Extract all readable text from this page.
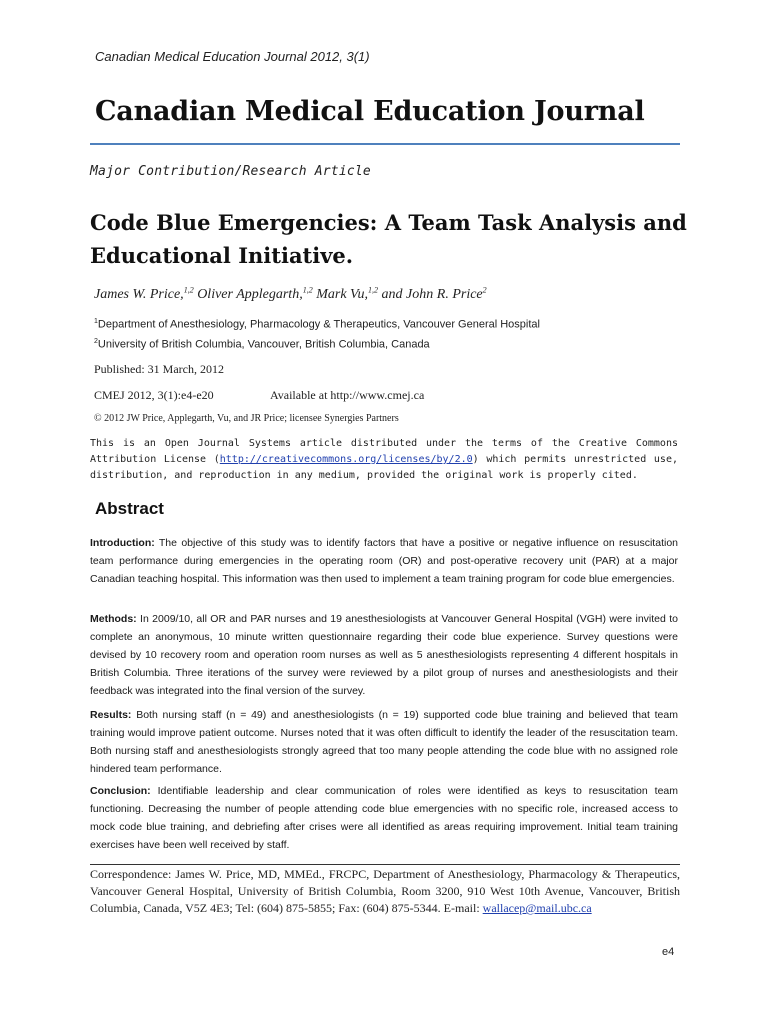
Canadian Medical Education Journal 2012, 3(1)
Canadian Medical Education Journal
Major Contribution/Research Article
Code Blue Emergencies: A Team Task Analysis and Educational Initiative.
James W. Price,$^{1,2}$ Oliver Applegarth,$^{1,2}$ Mark Vu,$^{1,2}$ and John R. Price$^2$
$^1$Department of Anesthesiology, Pharmacology & Therapeutics, Vancouver General Hospital
$^2$University of British Columbia, Vancouver, British Columbia, Canada
Published: 31 March, 2012
CMEJ 2012, 3(1):e4-e20	Available at http://www.cmej.ca
© 2012 JW Price, Applegarth, Vu, and JR Price; licensee Synergies Partners
This is an Open Journal Systems article distributed under the terms of the Creative Commons Attribution License (http://creativecommons.org/licenses/by/2.0) which permits unrestricted use, distribution, and reproduction in any medium, provided the original work is properly cited.
Abstract
Introduction: The objective of this study was to identify factors that have a positive or negative influence on resuscitation team performance during emergencies in the operating room (OR) and post-operative recovery unit (PAR) at a major Canadian teaching hospital. This information was then used to implement a team training program for code blue emergencies.
Methods: In 2009/10, all OR and PAR nurses and 19 anesthesiologists at Vancouver General Hospital (VGH) were invited to complete an anonymous, 10 minute written questionnaire regarding their code blue experience. Survey questions were devised by 10 recovery room and operation room nurses as well as 5 anesthesiologists representing 4 different hospitals in British Columbia. Three iterations of the survey were reviewed by a pilot group of nurses and anesthesiologists and their feedback was integrated into the final version of the survey.
Results: Both nursing staff (n = 49) and anesthesiologists (n = 19) supported code blue training and believed that team training would improve patient outcome. Nurses noted that it was often difficult to identify the leader of the resuscitation team. Both nursing staff and anesthesiologists strongly agreed that too many people attending the code blue with no assigned role hindered team performance.
Conclusion: Identifiable leadership and clear communication of roles were identified as keys to resuscitation team functioning. Decreasing the number of people attending code blue emergencies with no specific role, increased access to mock code blue training, and debriefing after crises were all identified as areas requiring improvement. Initial team training exercises have been well received by staff.
Correspondence: James W. Price, MD, MMEd., FRCPC, Department of Anesthesiology, Pharmacology & Therapeutics, Vancouver General Hospital, University of British Columbia, Room 3200, 910 West 10th Avenue, Vancouver, British Columbia, Canada, V5Z 4E3; Tel: (604) 875-5855; Fax: (604) 875-5344. E-mail: wallacep@mail.ubc.ca
e4
